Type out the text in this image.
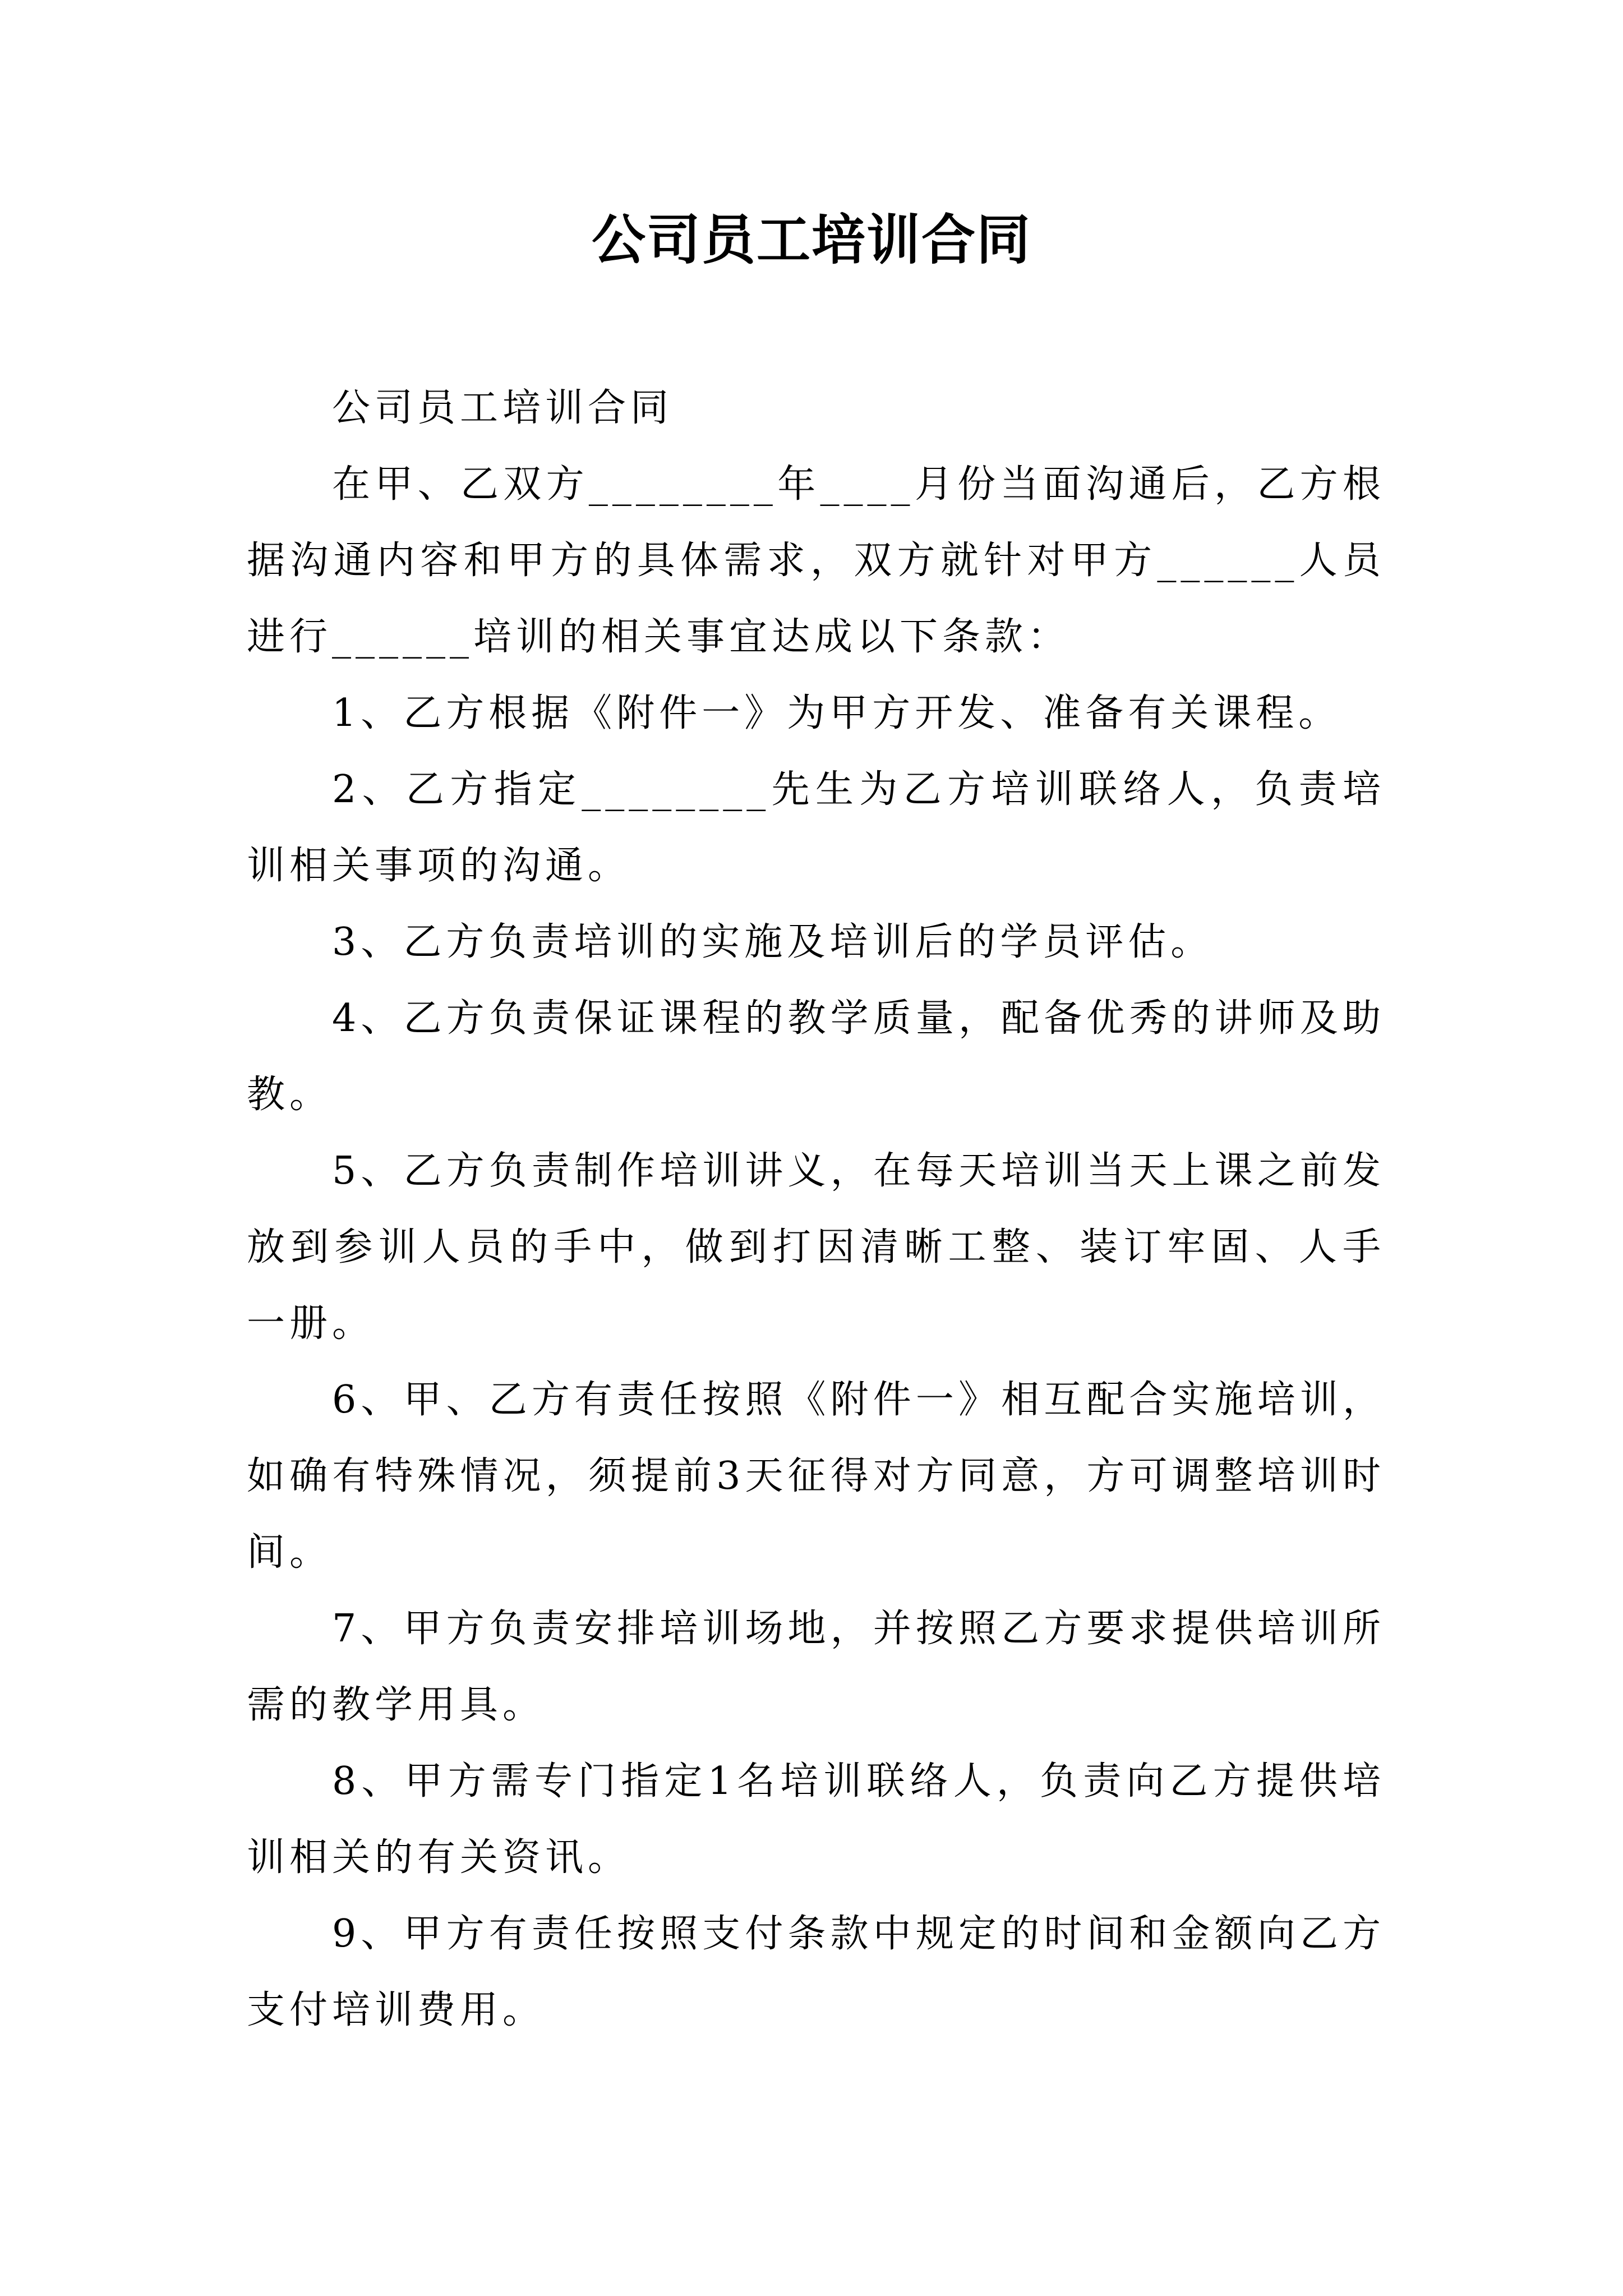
公司员工培训合同

公司员工培训合同

在甲、乙双方________年____月份当面沟通后，乙方根据沟通内容和甲方的具体需求，双方就针对甲方______人员进行______培训的相关事宜达成以下条款：

1、乙方根据《附件一》为甲方开发、准备有关课程。

2、乙方指定________先生为乙方培训联络人，负责培训相关事项的沟通。

3、乙方负责培训的实施及培训后的学员评估。

4、乙方负责保证课程的教学质量，配备优秀的讲师及助教。

5、乙方负责制作培训讲义，在每天培训当天上课之前发放到参训人员的手中，做到打因清晰工整、装订牢固、人手一册。

6、甲、乙方有责任按照《附件一》相互配合实施培训，如确有特殊情况，须提前3天征得对方同意，方可调整培训时间。

7、甲方负责安排培训场地，并按照乙方要求提供培训所需的教学用具。

8、甲方需专门指定1名培训联络人，负责向乙方提供培训相关的有关资讯。

9、甲方有责任按照支付条款中规定的时间和金额向乙方支付培训费用。
